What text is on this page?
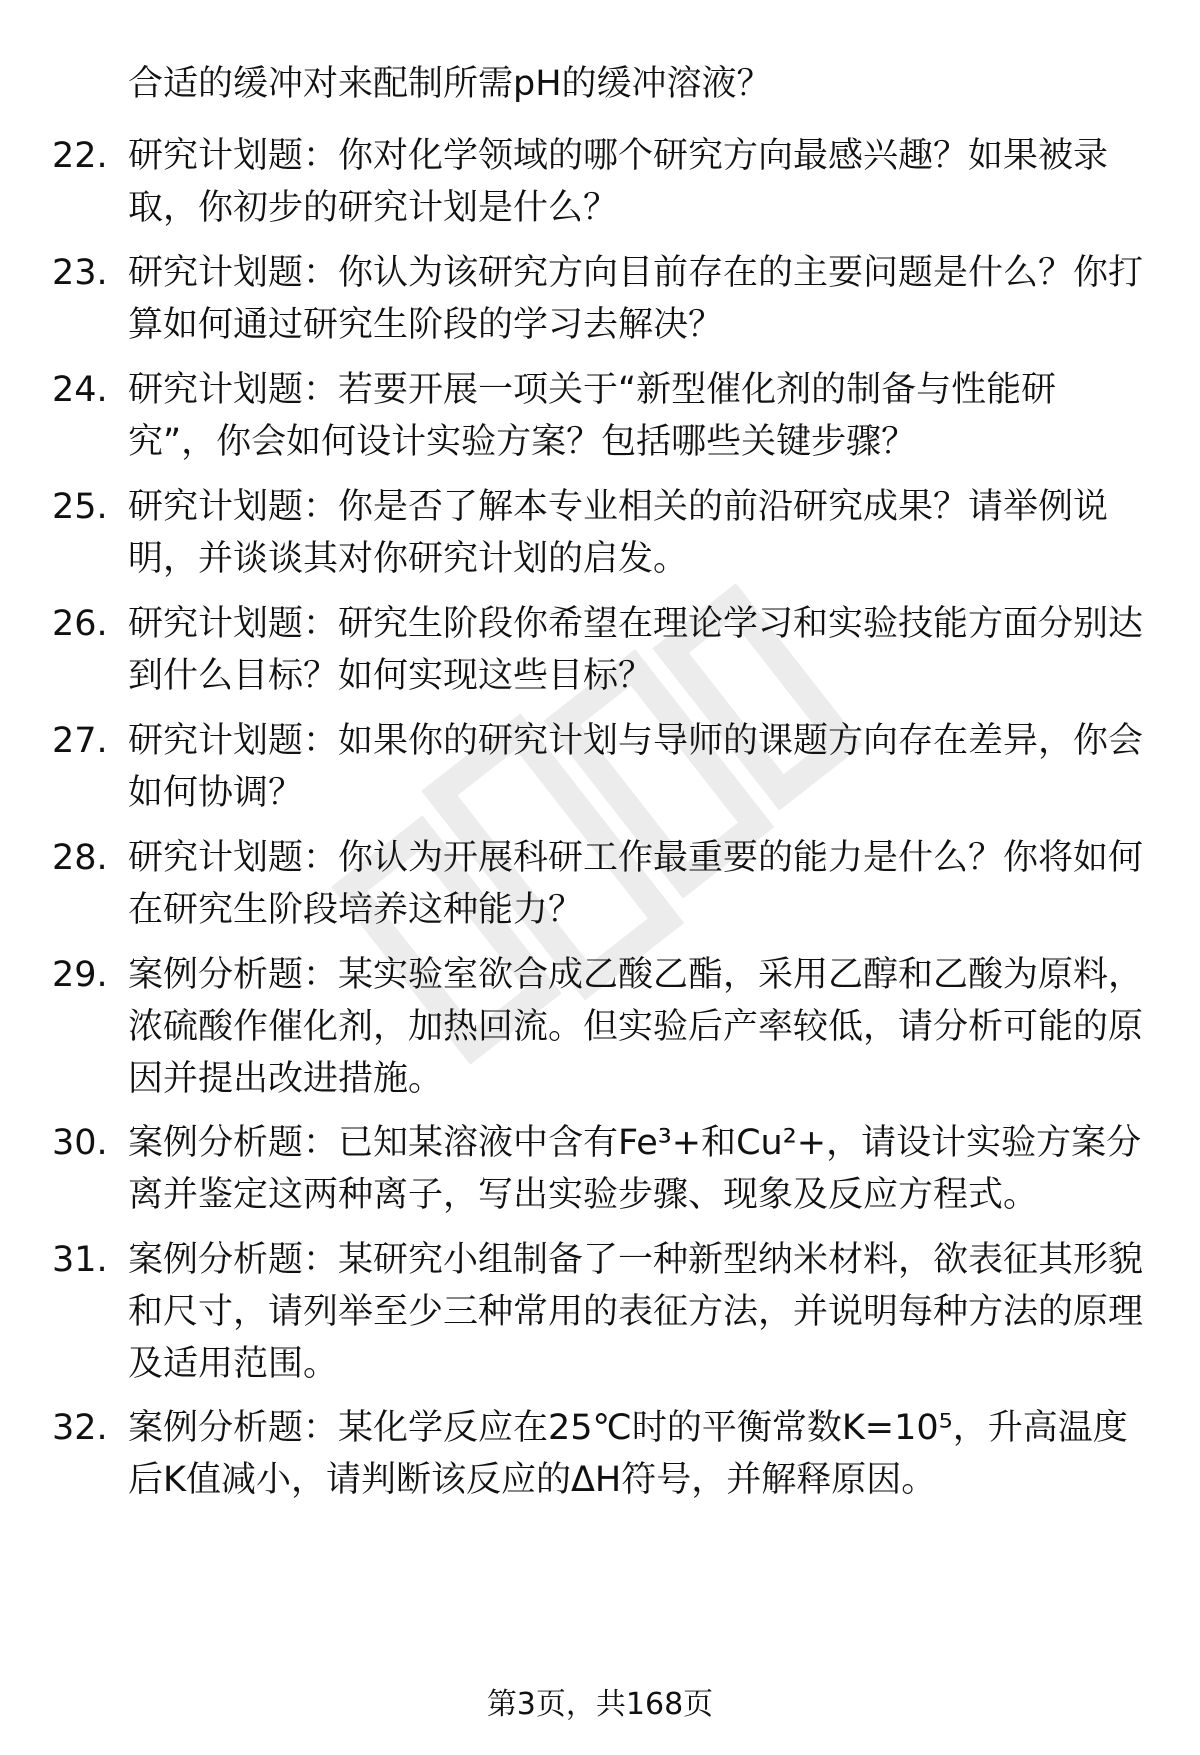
合适的缓冲对来配制所需pH的缓冲溶液？
22. 研究计划题：你对化学领域的哪个研究方向最感兴趣？如果被录取，你初步的研究计划是什么？
23. 研究计划题：你认为该研究方向目前存在的主要问题是什么？你打算如何通过研究生阶段的学习去解决？
24. 研究计划题：若要开展一项关于“新型催化剂的制备与性能研究”，你会如何设计实验方案？包括哪些关键步骤？
25. 研究计划题：你是否了解本专业相关的前沿研究成果？请举例说明，并谈谈其对你研究计划的启发。
26. 研究计划题：研究生阶段你希望在理论学习和实验技能方面分别达到什么目标？如何实现这些目标？
27. 研究计划题：如果你的研究计划与导师的课题方向存在差异，你会如何协调？
28. 研究计划题：你认为开展科研工作最重要的能力是什么？你将如何在研究生阶段培养这种能力？
29. 案例分析题：某实验室欲合成乙酸乙酯，采用乙醇和乙酸为原料，浓硫酸作催化剂，加热回流。但实验后产率较低，请分析可能的原因并提出改进措施。
30. 案例分析题：已知某溶液中含有Fe³+和Cu²+，请设计实验方案分离并鉴定这两种离子，写出实验步骤、现象及反应方程式。
31. 案例分析题：某研究小组制备了一种新型纳米材料，欲表征其形貌和尺寸，请列举至少三种常用的表征方法，并说明每种方法的原理及适用范围。
32. 案例分析题：某化学反应在25℃时的平衡常数K=10⁵，升高温度后K值减小，请判断该反应的ΔH符号，并解释原因。
第3页，共168页
